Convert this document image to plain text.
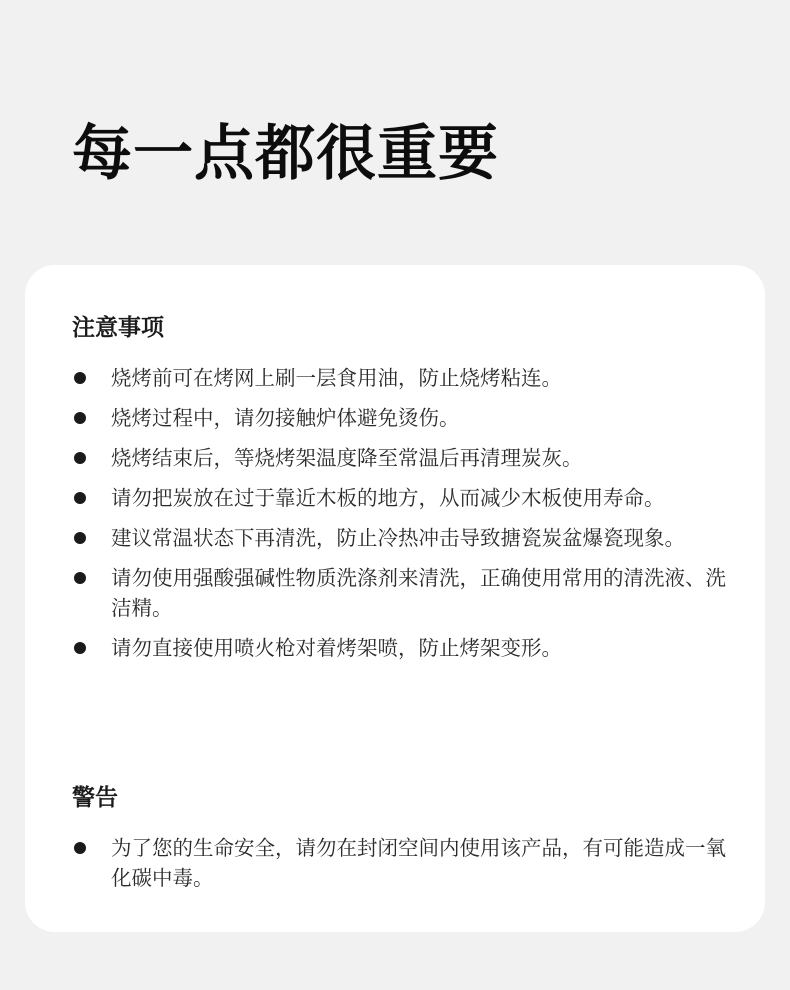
每一点都很重要
注意事项
烧烤前可在烤网上刷一层食用油，防止烧烤粘连。
烧烤过程中，请勿接触炉体避免烫伤。
烧烤结束后，等烧烤架温度降至常温后再清理炭灰。
请勿把炭放在过于靠近木板的地方，从而减少木板使用寿命。
建议常温状态下再清洗，防止冷热冲击导致搪瓷炭盆爆瓷现象。
请勿使用强酸强碱性物质洗涤剂来清洗，正确使用常用的清洗液、洗洁精。
请勿直接使用喷火枪对着烤架喷，防止烤架变形。
警告
为了您的生命安全，请勿在封闭空间内使用该产品，有可能造成一氧化碳中毒。
